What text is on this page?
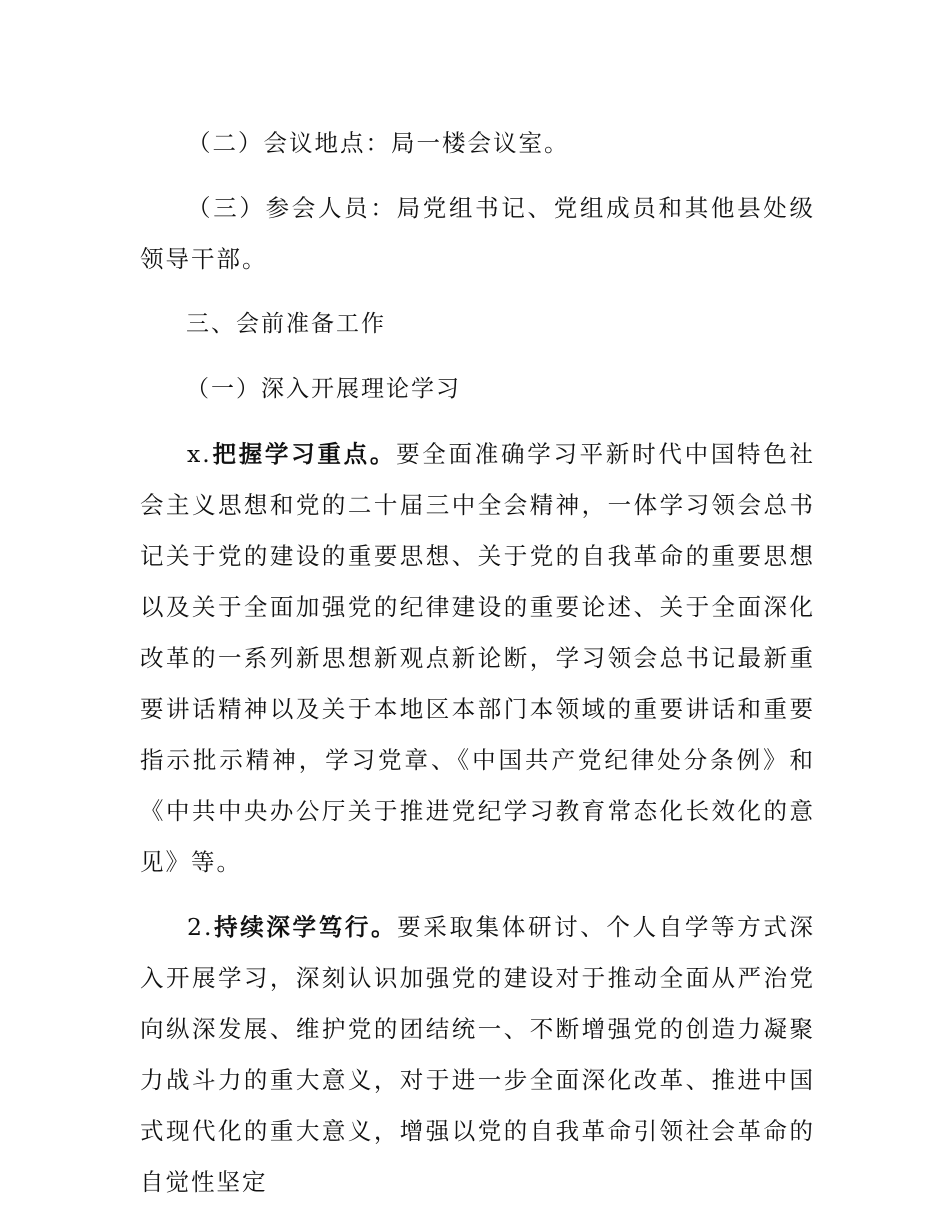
（二）会议地点：局一楼会议室。

（三）参会人员：局党组书记、党组成员和其他县处级领导干部。

三、会前准备工作

（一）深入开展理论学习

x.把握学习重点。要全面准确学习平新时代中国特色社会主义思想和党的二十届三中全会精神，一体学习领会总书记关于党的建设的重要思想、关于党的自我革命的重要思想以及关于全面加强党的纪律建设的重要论述、关于全面深化改革的一系列新思想新观点新论断，学习领会总书记最新重要讲话精神以及关于本地区本部门本领域的重要讲话和重要指示批示精神，学习党章、《中国共产党纪律处分条例》和《中共中央办公厅关于推进党纪学习教育常态化长效化的意见》等。

2.持续深学笃行。要采取集体研讨、个人自学等方式深入开展学习，深刻认识加强党的建设对于推动全面从严治党向纵深发展、维护党的团结统一、不断增强党的创造力凝聚力战斗力的重大意义，对于进一步全面深化改革、推进中国式现代化的重大意义，增强以党的自我革命引领社会革命的自觉性坚定
